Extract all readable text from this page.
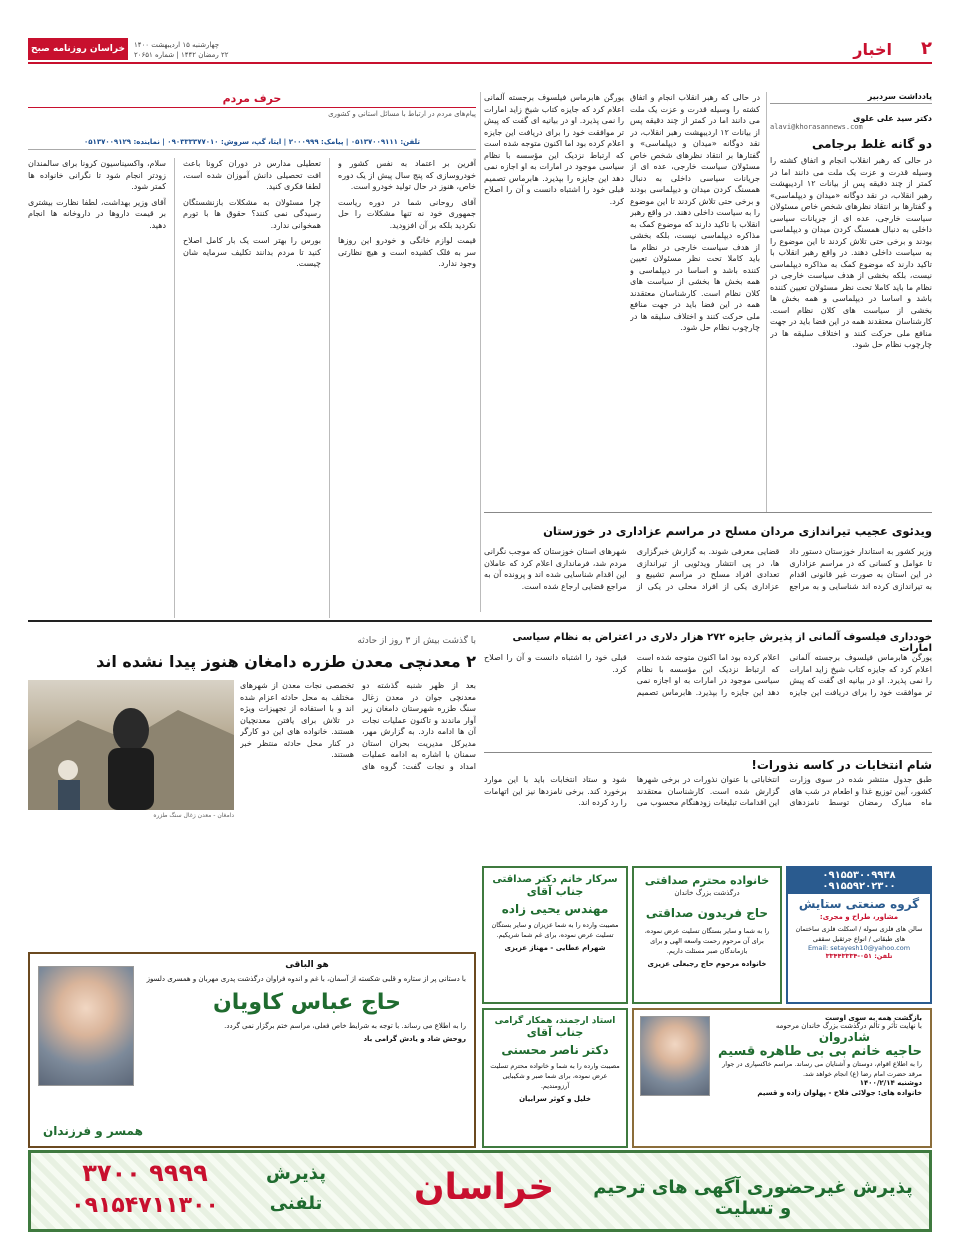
۲
اخبار
خراسان روزنامه صبح ایران
چهارشنبه ۱۵ اردیبهشت ۱۴۰۰
۲۲ رمضان ۱۴۴۲ | شماره ۲۰۶۵۱
یادداشت سردبیر
دکتر سید علی علوی
alavi@khorasannews.com
دو گانه غلط برجامی
در حالی که رهبر انقلاب انجام و اتفاق کشته را وسیله قدرت و عزت یک ملت می دانند اما در کمتر از چند دقیقه پس از بیانات ۱۲ اردیبهشت رهبر انقلاب، در نقد دوگانه «میدان و دیپلماسی» و گفتارها بر انتقاد نظرهای شخص خاص مسئولان سیاست خارجی، عده ای از جریانات سیاسی داخلی به دنبال همسنگ کردن میدان و دیپلماسی بودند و برخی حتی تلاش کردند تا این موضوع را به سیاست داخلی دهند. در واقع رهبر انقلاب با تاکید دارند که موضوع کمک به مذاکره دیپلماسی نیست، بلکه بخشی از هدف سیاست خارجی در نظام ما باید کاملا تحت نظر مسئولان تعیین کننده باشد و اساسا در دیپلماسی و همه بخش ها بخشی از سیاست های کلان نظام است. کارشناسان معتقدند همه در این فضا باید در جهت منافع ملی حرکت کنند و اختلاف سلیقه ها در چارچوب نظام حل شود.
در حالی که رهبر انقلاب انجام و اتفاق کشته را وسیله قدرت و عزت یک ملت می دانند اما در کمتر از چند دقیقه پس از بیانات ۱۲ اردیبهشت رهبر انقلاب، در نقد دوگانه «میدان و دیپلماسی» و گفتارها بر انتقاد نظرهای شخص خاص مسئولان سیاست خارجی، عده ای از جریانات سیاسی داخلی به دنبال همسنگ کردن میدان و دیپلماسی بودند و برخی حتی تلاش کردند تا این موضوع را به سیاست داخلی دهند. در واقع رهبر انقلاب با تاکید دارند که موضوع کمک به مذاکره دیپلماسی نیست، بلکه بخشی از هدف سیاست خارجی در نظام ما باید کاملا تحت نظر مسئولان تعیین کننده باشد و اساسا در دیپلماسی و همه بخش ها بخشی از سیاست های کلان نظام است. کارشناسان معتقدند همه در این فضا باید در جهت منافع ملی حرکت کنند و اختلاف سلیقه ها در چارچوب نظام حل شود.
یورگن هابرماس فیلسوف برجسته آلمانی اعلام کرد که جایزه کتاب شیخ زاید امارات را نمی پذیرد. او در بیانیه ای گفت که پیش تر موافقت خود را برای دریافت این جایزه اعلام کرده بود اما اکنون متوجه شده است که ارتباط نزدیک این مؤسسه با نظام سیاسی موجود در امارات به او اجازه نمی دهد این جایزه را بپذیرد. هابرماس تصمیم قبلی خود را اشتباه دانست و آن را اصلاح کرد.
حرف مردم
پیام‌های مردم در ارتباط با مسائل استانی و کشوری
تلفن: ۰۵۱۳۷۰۰۹۱۱۱ | پیامک: ۲۰۰۰۹۹۹ | ایتا، گپ، سروش: ۰۹۰۳۳۳۳۷۷۰۱۰ | نماینده: ۰۵۱۳۷۰۰۹۱۲۹

آفرین بر اعتماد به نفس کشور و خودروسازی که پنج سال پیش از یک دوره خاص، هنوز در حال تولید خودرو است.

آقای روحانی شما در دوره ریاست جمهوری خود نه تنها مشکلات را حل نکردید بلکه بر آن افزودید.

قیمت لوازم خانگی و خودرو این روزها سر به فلک کشیده است و هیچ نظارتی وجود ندارد.

تعطیلی مدارس در دوران کرونا باعث افت تحصیلی دانش آموزان شده است، لطفا فکری کنید.

چرا مسئولان به مشکلات بازنشستگان رسیدگی نمی کنند؟ حقوق ها با تورم همخوانی ندارد.

بورس را بهتر است یک بار کامل اصلاح کنید تا مردم بدانند تکلیف سرمایه شان چیست.

سلام، واکسیناسیون کرونا برای سالمندان زودتر انجام شود تا نگرانی خانواده ها کمتر شود.

آقای وزیر بهداشت، لطفا نظارت بیشتری بر قیمت داروها در داروخانه ها انجام دهید.

ویدئوی عجیب تیراندازی مردان مسلح در مراسم عزاداری در خوزستان
وزیر کشور به استاندار خوزستان دستور داد تا عوامل و کسانی که در مراسم عزاداری در این استان به صورت غیر قانونی اقدام به تیراندازی کرده اند شناسایی و به مراجع قضایی معرفی شوند. به گزارش خبرگزاری ها، در پی انتشار ویدئویی از تیراندازی تعدادی افراد مسلح در مراسم تشییع و عزاداری یکی از افراد محلی در یکی از شهرهای استان خوزستان که موجب نگرانی مردم شد، فرمانداری اعلام کرد که عاملان این اقدام شناسایی شده اند و پرونده آن به مراجع قضایی ارجاع شده است.
خودداری فیلسوف آلمانی از پذیرش جایزه ۲۷۲ هزار دلاری در اعتراض به نظام سیاسی امارات
یورگن هابرماس فیلسوف برجسته آلمانی اعلام کرد که جایزه کتاب شیخ زاید امارات را نمی پذیرد. او در بیانیه ای گفت که پیش تر موافقت خود را برای دریافت این جایزه اعلام کرده بود اما اکنون متوجه شده است که ارتباط نزدیک این مؤسسه با نظام سیاسی موجود در امارات به او اجازه نمی دهد این جایزه را بپذیرد. هابرماس تصمیم قبلی خود را اشتباه دانست و آن را اصلاح کرد.
شام انتخابات در کاسه نذورات!
طبق جدول منتشر شده در سوی وزارت کشور، آیین توزیع غذا و اطعام در شب های ماه مبارک رمضان توسط نامزدهای انتخاباتی با عنوان نذورات در برخی شهرها گزارش شده است. کارشناسان معتقدند این اقدامات تبلیغات زودهنگام محسوب می شود و ستاد انتخابات باید با این موارد برخورد کند. برخی نامزدها نیز این اتهامات را رد کرده اند.
با گذشت بیش از ۳ روز از حادثه
۲ معدنچی معدن طزره دامغان هنوز پیدا نشده اند
دامغان - معدن زغال سنگ طزره
بعد از ظهر شنبه گذشته دو معدنچی جوان در معدن زغال سنگ طزره شهرستان دامغان زیر آوار ماندند و تاکنون عملیات نجات آن ها ادامه دارد. به گزارش مهر، مدیرکل مدیریت بحران استان سمنان با اشاره به ادامه عملیات امداد و نجات گفت: گروه های تخصصی نجات معدن از شهرهای مختلف به محل حادثه اعزام شده اند و با استفاده از تجهیزات ویژه در تلاش برای یافتن معدنچیان هستند. خانواده های این دو کارگر در کنار محل حادثه منتظر خبر هستند.
۰۹۱۵۵۳۰۰۹۹۳۸
۰۹۱۵۵۹۲۰۲۳۰۰
گروه صنعتی ستایش
مشاور، طراح و مجری:
سالن های فلزی سوله / اسکلت فلزی ساختمان های طبقاتی / انواع جرثقیل سقفی
Email: setayesh10@yahoo.com
تلفن: ۰۵۱-۳۳۴۴۳۳۳۴
خانواده محترم صداقتی
درگذشت بزرگ خاندان
حاج فریدون صداقتی
را به شما و سایر بستگان تسلیت عرض نموده، برای آن مرحوم رحمت واسعه الهی و برای بازماندگان صبر مسئلت داریم.
خانواده مرحوم حاج رجبعلی عزیزی
سرکار خانم دکتر صداقتی
جناب آقای
مهندس یحیی زاده
مصیبت وارده را به شما عزیزان و سایر بستگان تسلیت عرض نموده، برای غم شما شریکیم.
شهرام عطایی - مهناز عزیزی
بازگشت همه به سوی اوست
با نهایت تأثر و تألم درگذشت بزرگ خاندان مرحومه
شادروان
حاجیه خانم بی بی طاهره قسیم
را به اطلاع اقوام، دوستان و آشنایان می رساند. مراسم خاکسپاری در جوار مرقد حضرت امام رضا (ع) انجام خواهد شد.
دوشنبه ۱۴۰۰/۲/۱۴
خانواده های: جولائی فلاح - پهلوان زاده و قسیم
استاد ارجمند، همکار گرامی
جناب آقای
دکتر ناصر محسنی
مصیبت وارده را به شما و خانواده محترم تسلیت عرض نموده، برای شما صبر و شکیبایی آرزومندیم.
خلیل و کوثر سرابیان
هو الباقی
با دستانی پر از ستاره و قلبی شکسته از آسمان، با غم و اندوه فراوان درگذشت پدری مهربان و همسری دلسوز
حاج عباس کاویان
را به اطلاع می رساند. با توجه به شرایط خاص فعلی، مراسم ختم برگزار نمی گردد.
روحش شاد و یادش گرامی باد
همسر و فرزندان
پذیرش غیرحضوری آگهی های ترحیم و تسلیت
خراسان
پذیرش
تلفنی
۳۷۰۰ ۹۹۹۹
۰۹۱۵۴۷۱۱۳۰۰
